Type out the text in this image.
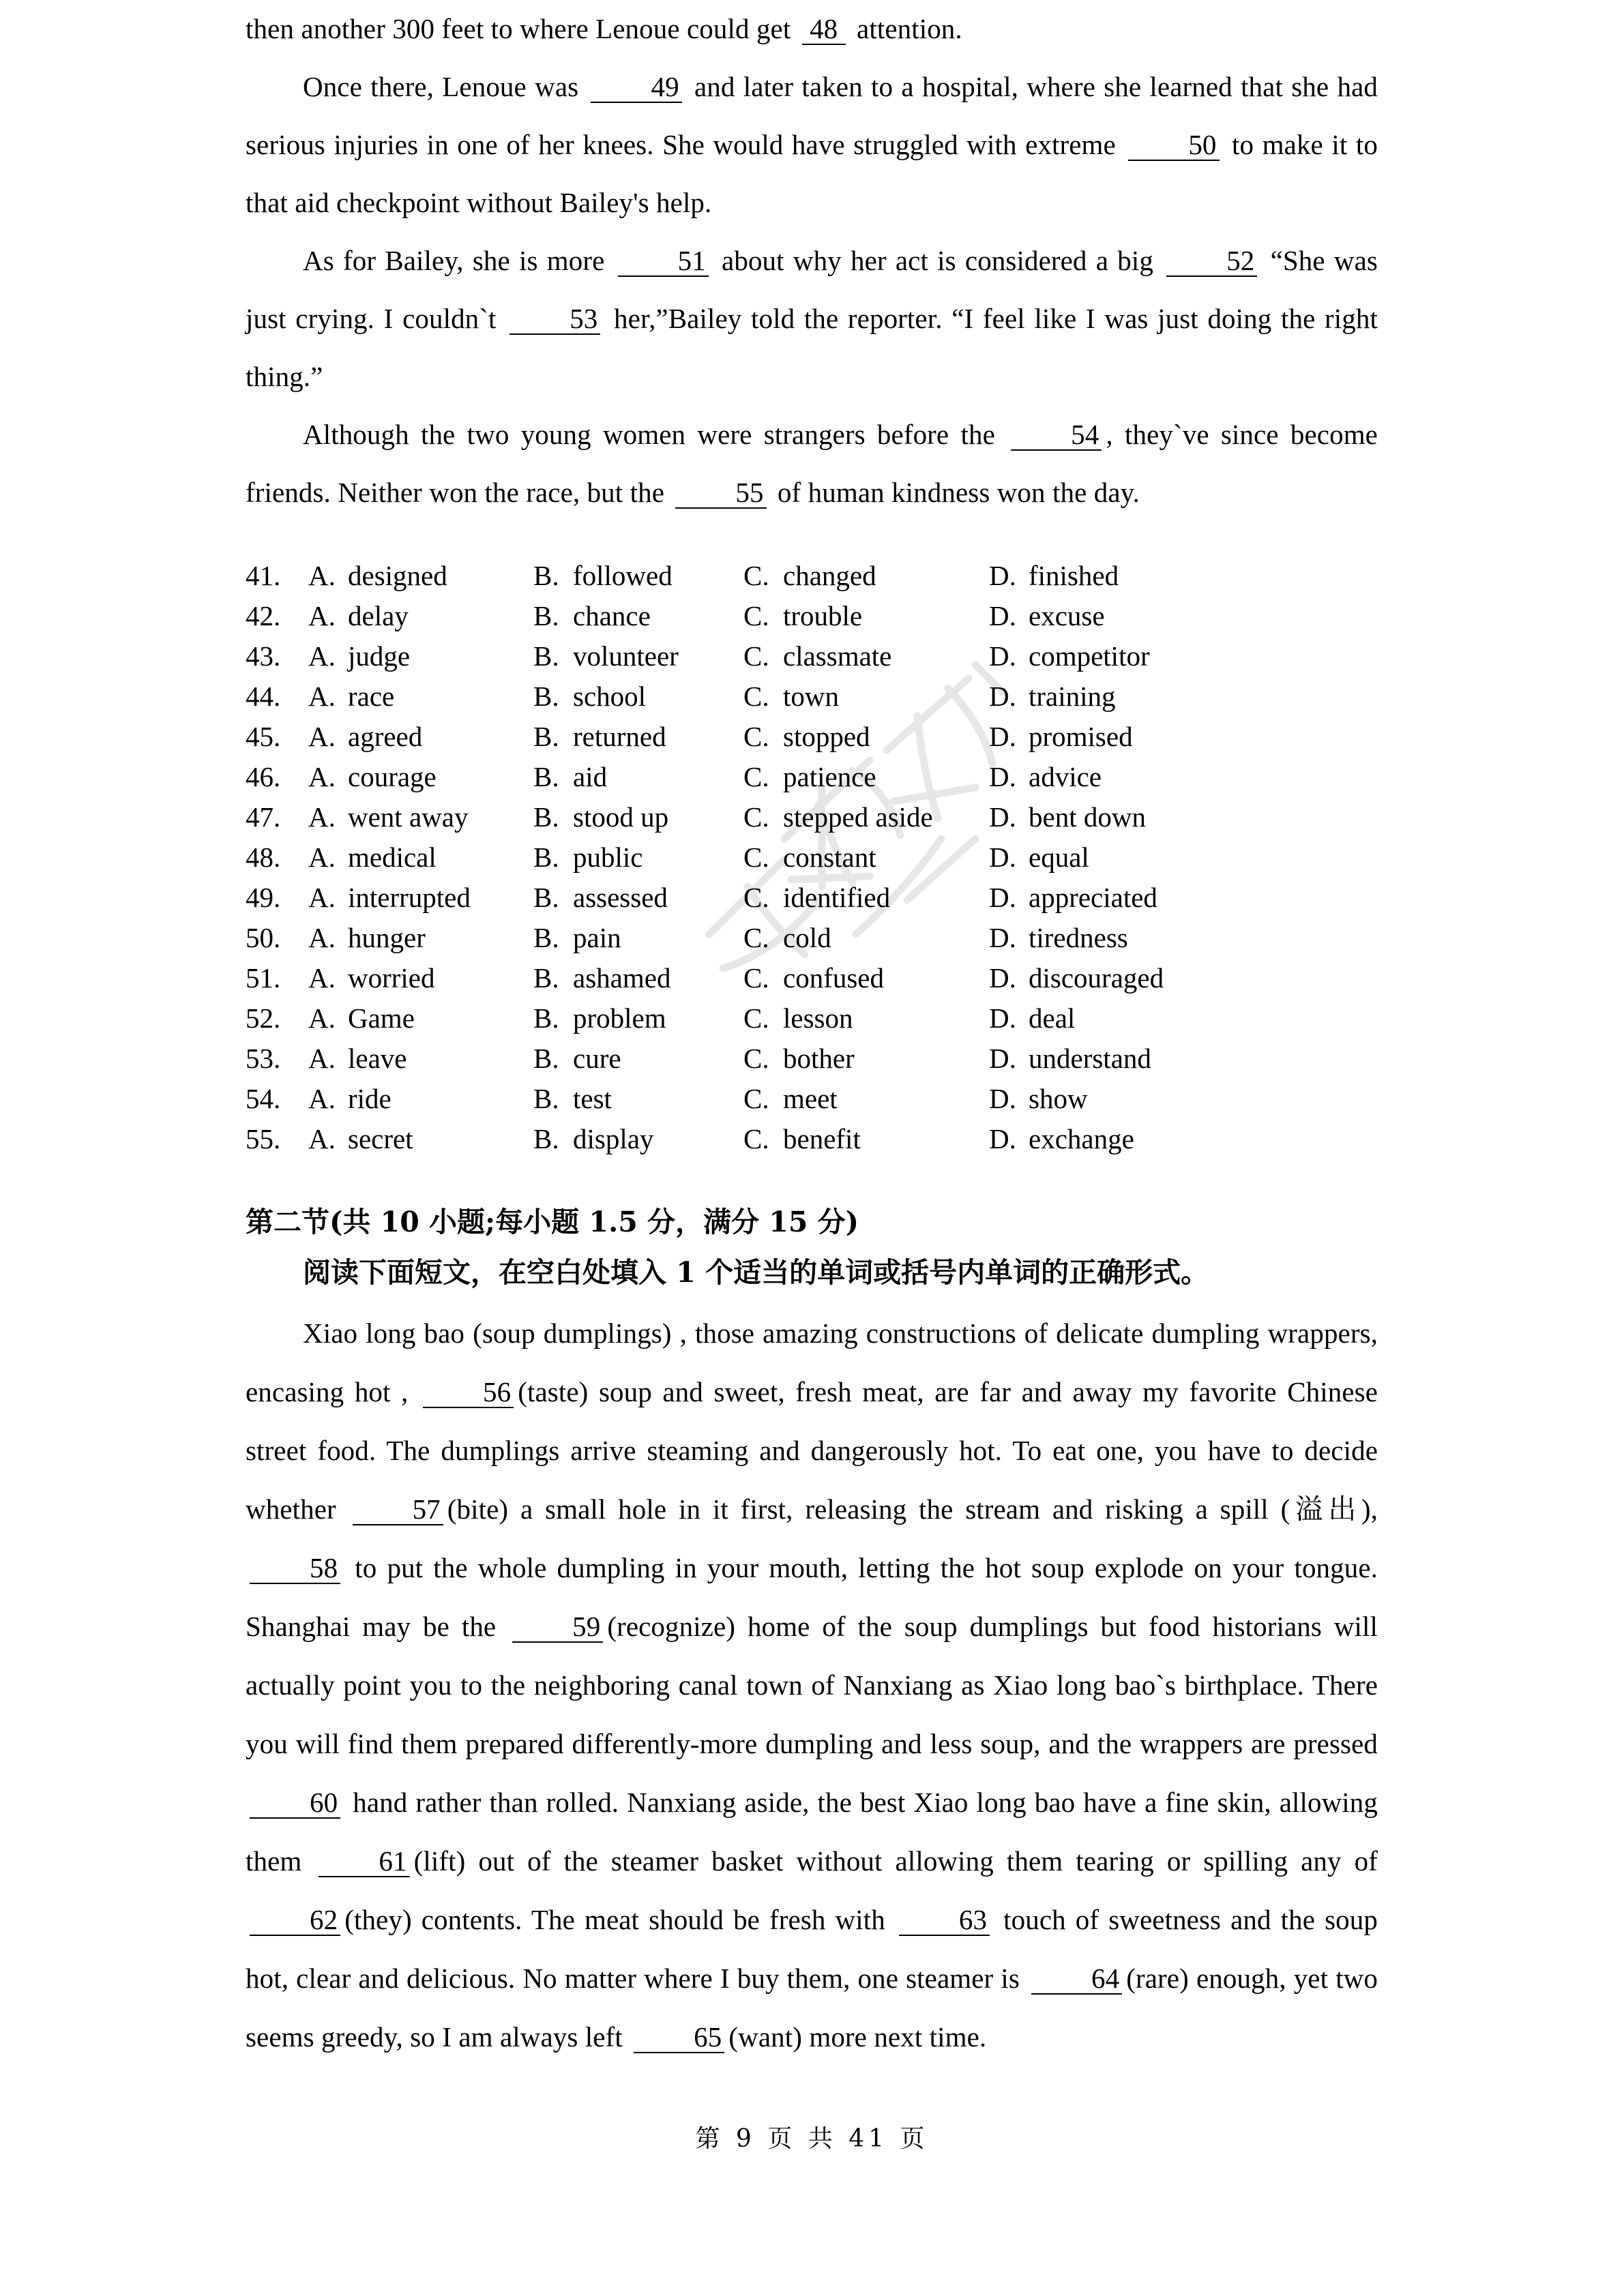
then another 300 feet to where Lenoue could get 48 attention.

Once there, Lenoue was 49 and later taken to a hospital, where she learned that she had serious injuries in one of her knees. She would have struggled with extreme 50 to make it to that aid checkpoint without Bailey's help.

As for Bailey, she is more 51 about why her act is considered a big 52 “She was just crying. I couldn`t 53 her,”Bailey told the reporter. “I feel like I was just doing the right thing.”

Although the two young women were strangers before the 54 , they`ve since become friends. Neither won the race, but the 55 of human kindness won the day.

41. A. designed	B. followed	C. changed	D. finished
42. A. delay	B. chance	C. trouble	D. excuse
43. A. judge	B. volunteer	C. classmate	D. competitor
44. A. race	B. school	C. town	D. training
45. A. agreed	B. returned	C. stopped	D. promised
46. A. courage	B. aid	C. patience	D. advice
47. A. went away	B. stood up	C. stepped aside	D. bent down
48. A. medical	B. public	C. constant	D. equal
49. A. interrupted	B. assessed	C. identified	D. appreciated
50. A. hunger	B. pain	C. cold	D. tiredness
51. A. worried	B. ashamed	C. confused	D. discouraged
52. A. Game	B. problem	C. lesson	D. deal
53. A. leave	B. cure	C. bother	D. understand
54. A. ride	B. test	C. meet	D. show
55. A. secret	B. display	C. benefit	D. exchange
第二节(共 10 小题;每小题 1.5 分，满分 15 分)
阅读下面短文，在空白处填入 1 个适当的单词或括号内单词的正确形式。

Xiao long bao (soup dumplings) , those amazing constructions of delicate dumpling wrappers, encasing hot , 56 (taste) soup and sweet, fresh meat, are far and away my favorite Chinese street food. The dumplings arrive steaming and dangerously hot. To eat one, you have to decide whether 57 (bite) a small hole in it first, releasing the stream and risking a spill (溢出), 58 to put the whole dumpling in your mouth, letting the hot soup explode on your tongue. Shanghai may be the 59 (recognize) home of the soup dumplings but food historians will actually point you to the neighboring canal town of Nanxiang as Xiao long bao`s birthplace. There you will find them prepared differently-more dumpling and less soup, and the wrappers are pressed 60 hand rather than rolled. Nanxiang aside, the best Xiao long bao have a fine skin, allowing them 61 (lift) out of the steamer basket without allowing them tearing or spilling any of 62 (they) contents. The meat should be fresh with 63 touch of sweetness and the soup hot, clear and delicious. No matter where I buy them, one steamer is 64 (rare) enough, yet two seems greedy, so I am always left 65 (want) more next time.

第 9 页 共 41 页
